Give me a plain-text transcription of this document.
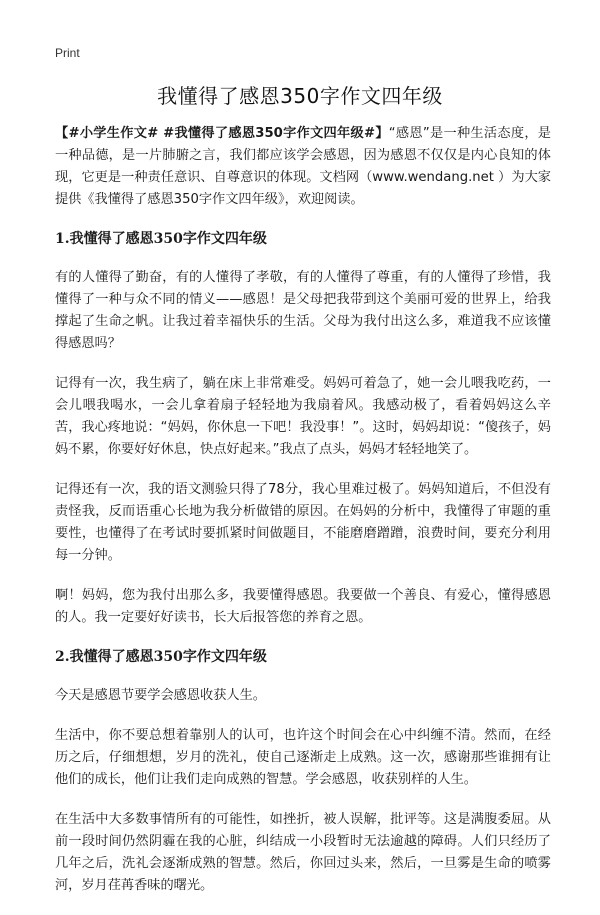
Print
我懂得了感恩350字作文四年级

【#小学生作文# #我懂得了感恩350字作文四年级#】“感恩”是一种生活态度，是一种品德，是一片肺腑之言，我们都应该学会感恩，因为感恩不仅仅是内心良知的体现，它更是一种责任意识、自尊意识的体现。文档网（www.wendang.net ）为大家提供《我懂得了感恩350字作文四年级》，欢迎阅读。

1.我懂得了感恩350字作文四年级

有的人懂得了勤奋，有的人懂得了孝敬，有的人懂得了尊重，有的人懂得了珍惜，我懂得了一种与众不同的情义——感恩！是父母把我带到这个美丽可爱的世界上，给我撑起了生命之帆。让我过着幸福快乐的生活。父母为我付出这么多，难道我不应该懂得感恩吗？

记得有一次，我生病了，躺在床上非常难受。妈妈可着急了，她一会儿喂我吃药，一会儿喂我喝水，一会儿拿着扇子轻轻地为我扇着风。我感动极了，看着妈妈这么辛苦，我心疼地说：“妈妈，你休息一下吧！我没事！”。这时，妈妈却说：“傻孩子，妈妈不累，你要好好休息，快点好起来。”我点了点头，妈妈才轻轻地笑了。

记得还有一次，我的语文测验只得了78分，我心里难过极了。妈妈知道后，不但没有责怪我，反而语重心长地为我分析做错的原因。在妈妈的分析中，我懂得了审题的重要性，也懂得了在考试时要抓紧时间做题目，不能磨磨蹭蹭，浪费时间，要充分利用每一分钟。

啊！妈妈，您为我付出那么多，我要懂得感恩。我要做一个善良、有爱心，懂得感恩的人。我一定要好好读书，长大后报答您的养育之恩。

2.我懂得了感恩350字作文四年级

今天是感恩节要学会感恩收获人生。

生活中，你不要总想着靠别人的认可，也许这个时间会在心中纠缠不清。然而，在经历之后，仔细想想，岁月的洗礼，使自己逐渐走上成熟。这一次，感谢那些谁拥有让他们的成长，他们让我们走向成熟的智慧。学会感恩，收获别样的人生。

在生活中大多数事情所有的可能性，如挫折，被人误解，批评等。这是满腹委屈。从前一段时间仍然阴霾在我的心脏，纠结成一小段暂时无法逾越的障碍。人们只经历了几年之后，洗礼会逐渐成熟的智慧。然后，你回过头来，然后，一旦雾是生命的喷雾河，岁月荏苒香味的曙光。
